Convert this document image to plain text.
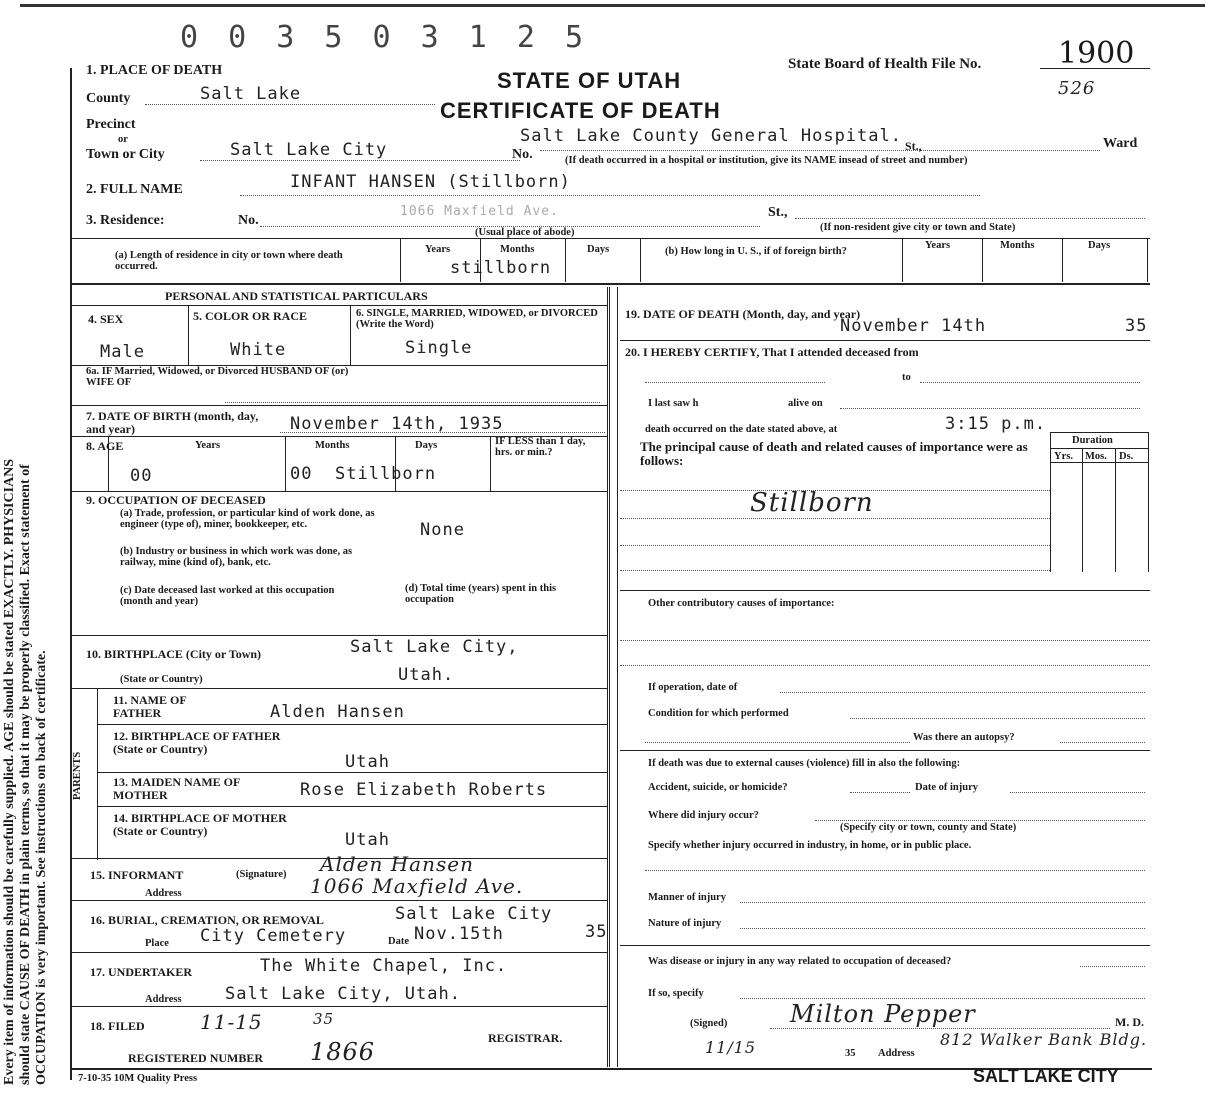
Every item of information should be carefully supplied. AGE should be stated EXACTLY. PHYSICIANS should state CAUSE OF DEATH in plain terms, so that it may be properly classified. Exact statement of OCCUPATION is very important. See instructions on back of certificate.
0 0 3 5 0 3 1 2 5
State Board of Health File No.	1900
526
STATE OF UTAH
CERTIFICATE OF DEATH
1. PLACE OF DEATH
County	Salt Lake
Precinct
or
Town or City	Salt Lake City	No.
Salt Lake County General Hospital. St.,	Ward
(If death occurred in a hospital or institution, give its NAME insead of street and number)
2. FULL NAME	INFANT HANSEN (Stillborn)
3. Residence:	No.
1066 Maxfield Ave.	St.,
(Usual place of abode)	(If non-resident give city or town and State)
(a) Length of residence in city or town where death occurred.
Years	Months	Days
stillborn
(b) How long in U. S., if of foreign birth?
Years	Months	Days
PERSONAL AND STATISTICAL PARTICULARS
4. SEX	5. COLOR OR RACE	6. SINGLE, MARRIED, WIDOWED, or DIVORCED (Write the Word)
Male	White	Single
6a. IF Married, Widowed, or Divorced HUSBAND OF (or) WIFE OF
7. DATE OF BIRTH (month, day, and year)	November 14th, 1935
8. AGE	Years	Months	Days	IF LESS than 1 day, hrs. or min.?
00	00 Stillborn
9. OCCUPATION OF DECEASED
(a) Trade, profession, or particular kind of work done, as engineer (type of), miner, bookkeeper, etc.	None
(b) Industry or business in which work was done, as railway, mine (kind of), bank, etc.
(c) Date deceased last worked at this occupation (month and year)
(d) Total time (years) spent in this occupation
10. BIRTHPLACE (City or Town)	Salt Lake City,
(State or Country)	Utah.
PARENTS
11. NAME OF FATHER	Alden Hansen
12. BIRTHPLACE OF FATHER (State or Country)
Utah
13. MAIDEN NAME OF MOTHER	Rose Elizabeth Roberts
14. BIRTHPLACE OF MOTHER (State or Country)	Utah
15. INFORMANT	(Signature) Alden Hansen
Address	1066 Maxfield Ave.
16. BURIAL, CREMATION, OR REMOVAL	Salt Lake City
Place City Cemetery	Date Nov.15th	35
17. UNDERTAKER	The White Chapel, Inc.
Address	Salt Lake City, Utah.
18. FILED	11-15	35
REGISTRAR.
REGISTERED NUMBER 1866
19. DATE OF DEATH (Month, day, and year)
November 14th	35
20. I HEREBY CERTIFY, That I attended deceased from
to
I last saw h	alive on
death occurred on the date stated above, at	3:15 p.m.
The principal cause of death and related causes of importance were as follows:
Duration
Yrs. Mos. Ds.
Stillborn
Other contributory causes of importance:
If operation, date of
Condition for which performed
Was there an autopsy?
If death was due to external causes (violence) fill in also the following:
Accident, suicide, or homicide?	Date of injury
Where did injury occur?
(Specify city or town, county and State)
Specify whether injury occurred in industry, in home, or in public place.
Manner of injury
Nature of injury
Was disease or injury in any way related to occupation of deceased?
If so, specify
(Signed)	Milton Pepper	M. D.
11/15	35 Address
812 Walker Bank Bldg.
7-10-35 10M Quality Press	SALT LAKE CITY
